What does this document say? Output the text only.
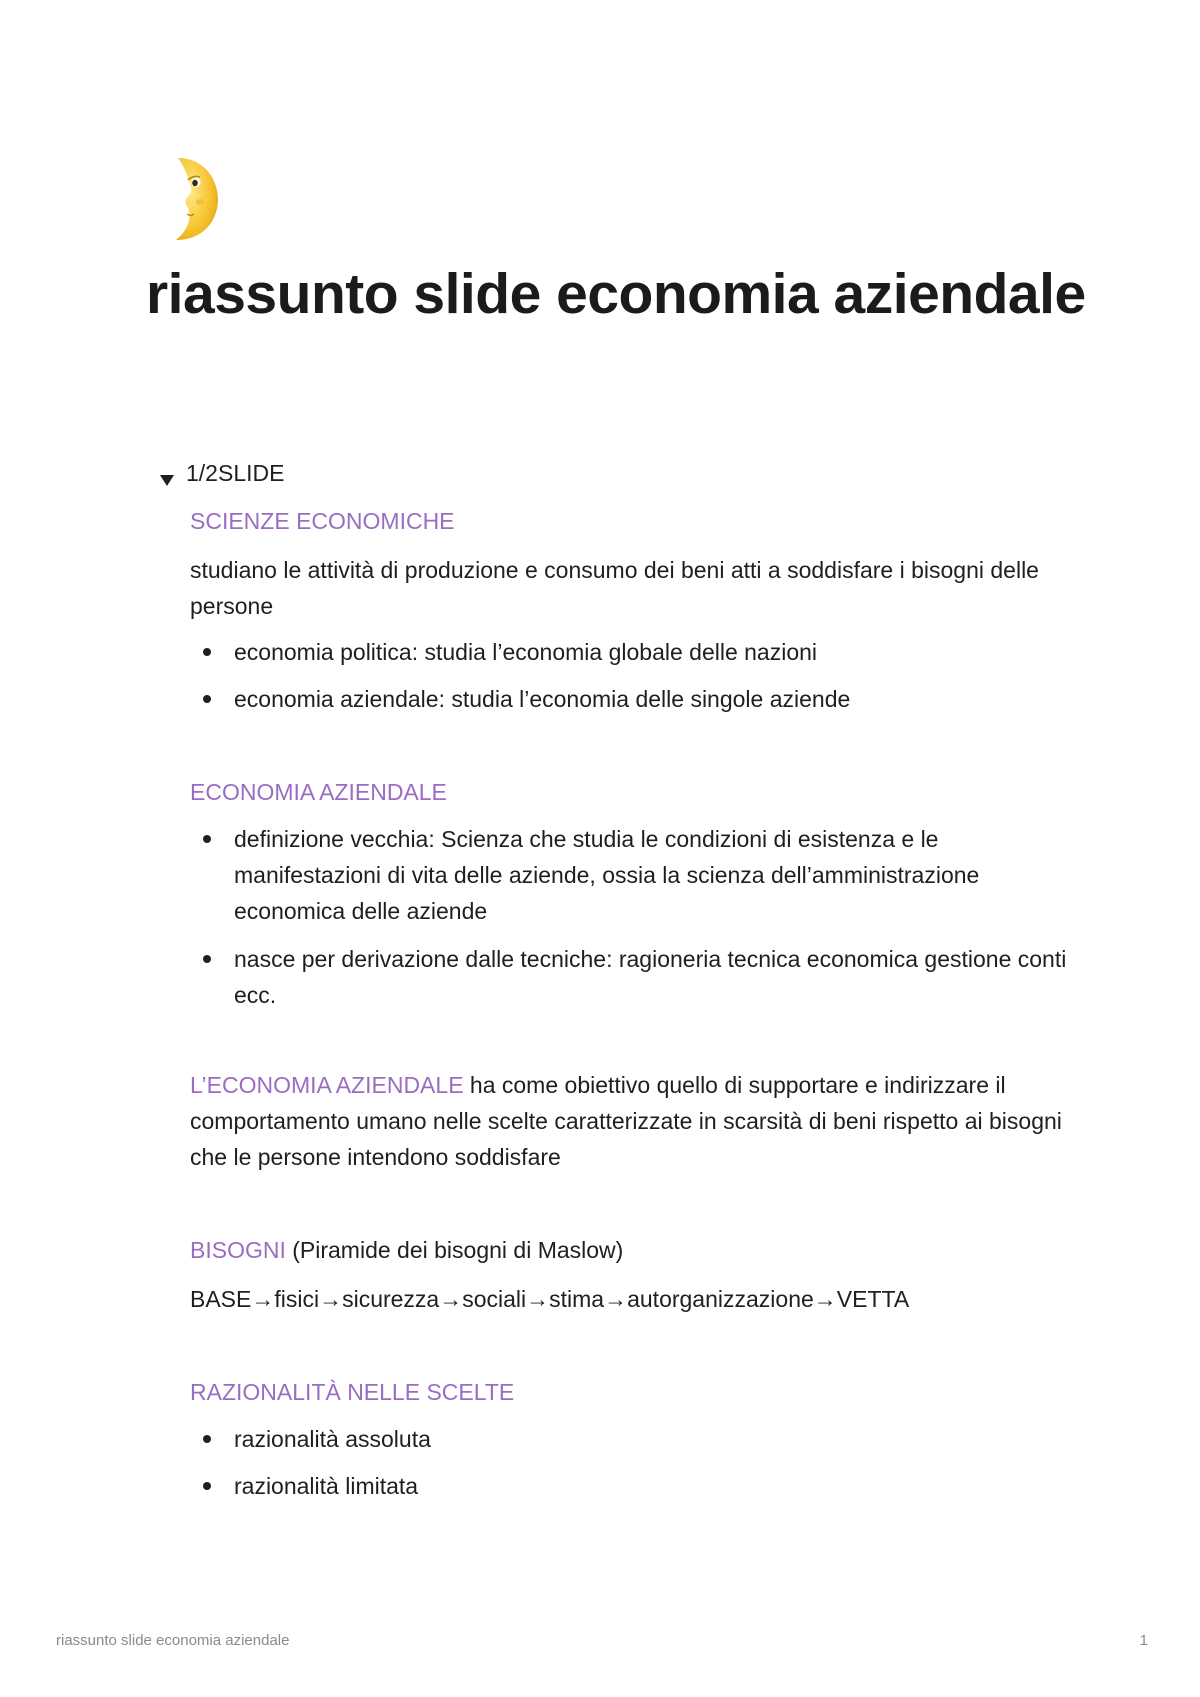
riassunto slide economia aziendale
1/2SLIDE

SCIENZE ECONOMICHE

studiano le attività di produzione e consumo dei beni atti a soddisfare i bisogni delle persone

economia politica: studia l’economia globale delle nazioni
economia aziendale: studia l’economia delle singole aziende

ECONOMIA AZIENDALE

definizione vecchia: Scienza che studia le condizioni di esistenza e le manifestazioni di vita delle aziende, ossia la scienza dell’amministrazione economica delle aziende
nasce per derivazione dalle tecniche: ragioneria tecnica economica gestione conti ecc.

L’ECONOMIA AZIENDALE ha come obiettivo quello di supportare e indirizzare il comportamento umano nelle scelte caratterizzate in scarsità di beni rispetto ai bisogni che le persone intendono soddisfare

BISOGNI (Piramide dei bisogni di Maslow)

BASE→fisici→sicurezza→sociali→stima→autorganizzazione→VETTA

RAZIONALITÀ NELLE SCELTE

razionalità assoluta
razionalità limitata
riassunto slide economia aziendale	1
